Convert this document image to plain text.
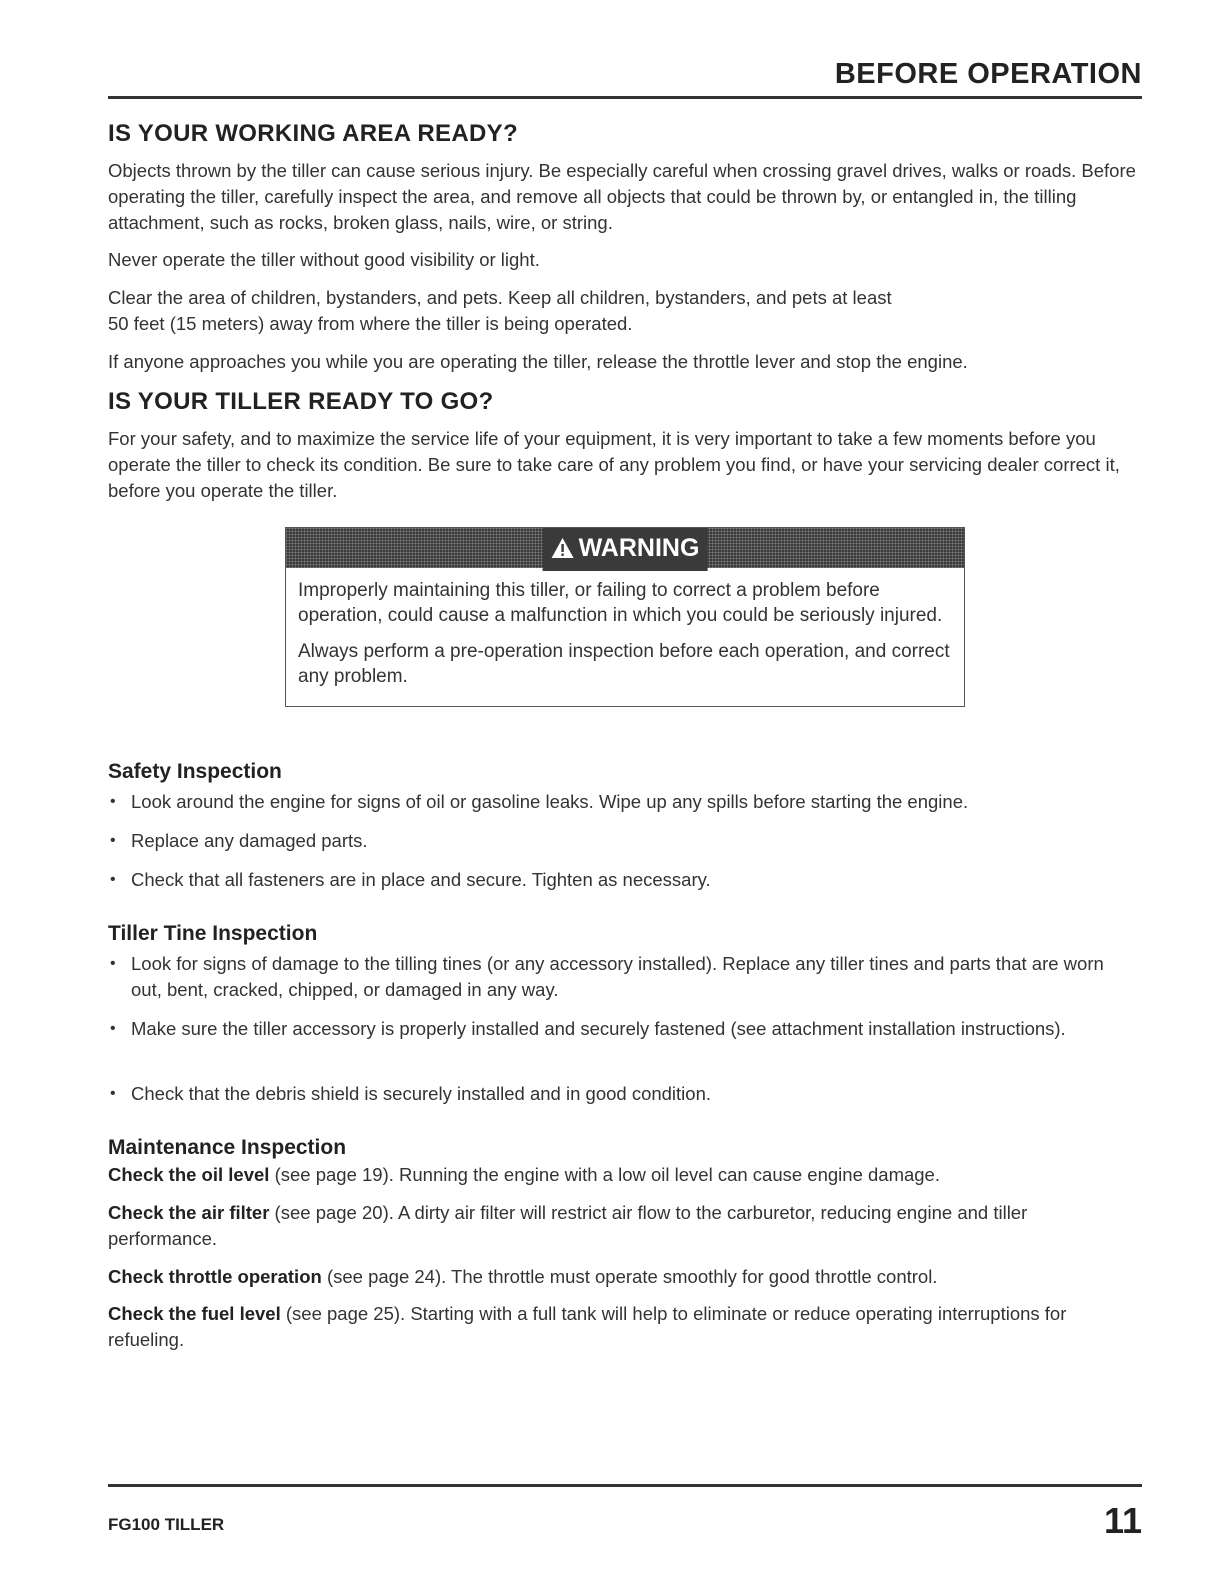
BEFORE OPERATION
IS YOUR WORKING AREA READY?
Objects thrown by the tiller can cause serious injury. Be especially careful when crossing gravel drives, walks or roads. Before operating the tiller, carefully inspect the area, and remove all objects that could be thrown by, or entangled in, the tilling attachment, such as rocks, broken glass, nails, wire, or string.
Never operate the tiller without good visibility or light.
Clear the area of children, bystanders, and pets. Keep all children, bystanders, and pets at least
50 feet (15 meters) away from where the tiller is being operated.
If anyone approaches you while you are operating the tiller, release the throttle lever and stop the engine.
IS YOUR TILLER READY TO GO?
For your safety, and to maximize the service life of your equipment, it is very important to take a few moments before you operate the tiller to check its condition. Be sure to take care of any problem you find, or have your servicing dealer correct it, before you operate the tiller.
WARNING

Improperly maintaining this tiller, or failing to correct a problem before operation, could cause a malfunction in which you could be seriously injured.

Always perform a pre-operation inspection before each operation, and correct any problem.

Safety Inspection
• Look around the engine for signs of oil or gasoline leaks. Wipe up any spills before starting the engine.
• Replace any damaged parts.
• Check that all fasteners are in place and secure. Tighten as necessary.
Tiller Tine Inspection
• Look for signs of damage to the tilling tines (or any accessory installed). Replace any tiller tines and parts that are worn out, bent, cracked, chipped, or damaged in any way.
• Make sure the tiller accessory is properly installed and securely fastened (see attachment installation instructions).
• Check that the debris shield is securely installed and in good condition.
Maintenance Inspection
Check the oil level (see page 19). Running the engine with a low oil level can cause engine damage.
Check the air filter (see page 20). A dirty air filter will restrict air flow to the carburetor, reducing engine and tiller performance.
Check throttle operation (see page 24). The throttle must operate smoothly for good throttle control.
Check the fuel level (see page 25). Starting with a full tank will help to eliminate or reduce operating interruptions for refueling.
FG100 TILLER	11
